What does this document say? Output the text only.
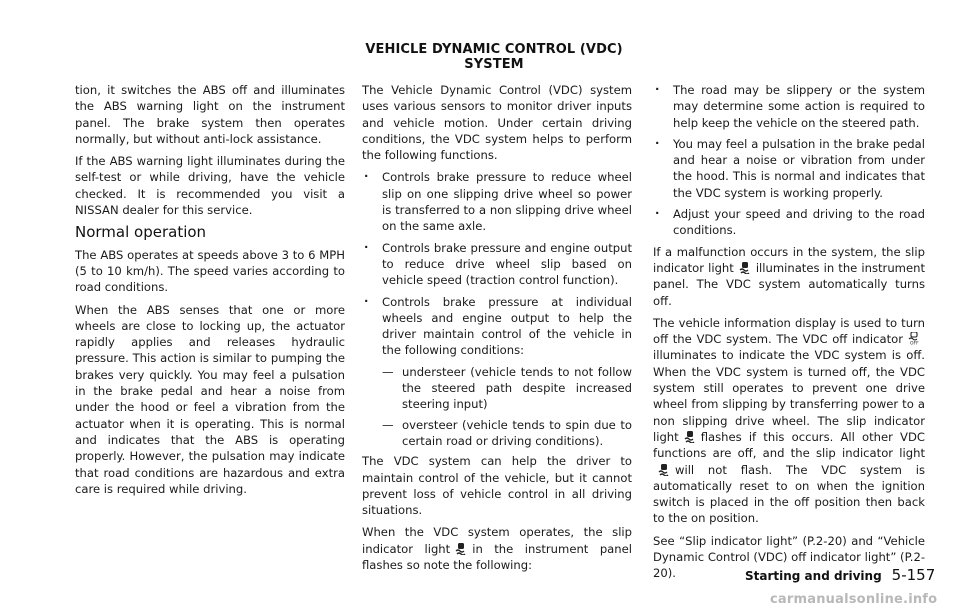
VEHICLE DYNAMIC CONTROL (VDC) SYSTEM

tion, it switches the ABS off and illuminates the ABS warning light on the instrument panel. The brake system then operates normally, but without anti-lock assistance.

If the ABS warning light illuminates during the self-test or while driving, have the vehicle checked. It is recommended you visit a NISSAN dealer for this service.

Normal operation

The ABS operates at speeds above 3 to 6 MPH (5 to 10 km/h). The speed varies according to road conditions.

When the ABS senses that one or more wheels are close to locking up, the actuator rapidly applies and releases hydraulic pressure. This action is similar to pumping the brakes very quickly. You may feel a pulsation in the brake pedal and hear a noise from under the hood or feel a vibration from the actuator when it is operating. This is normal and indicates that the ABS is operating properly. However, the pulsation may indicate that road conditions are hazardous and extra care is required while driving.

The Vehicle Dynamic Control (VDC) system uses various sensors to monitor driver inputs and vehicle motion. Under certain driving conditions, the VDC system helps to perform the following functions.

. Controls brake pressure to reduce wheel slip on one slipping drive wheel so power is transferred to a non slipping drive wheel on the same axle.
. Controls brake pressure and engine output to reduce drive wheel slip based on vehicle speed (traction control function).
. Controls brake pressure at individual wheels and engine output to help the driver maintain control of the vehicle in the following conditions:
— understeer (vehicle tends to not follow the steered path despite increased steering input)
— oversteer (vehicle tends to spin due to certain road or driving conditions).

The VDC system can help the driver to maintain control of the vehicle, but it cannot prevent loss of vehicle control in all driving situations.

When the VDC system operates, the slip indicator light in the instrument panel flashes so note the following:

. The road may be slippery or the system may determine some action is required to help keep the vehicle on the steered path.
. You may feel a pulsation in the brake pedal and hear a noise or vibration from under the hood. This is normal and indicates that the VDC system is working properly.
. Adjust your speed and driving to the road conditions.

If a malfunction occurs in the system, the slip indicator light illuminates in the instrument panel. The VDC system automatically turns off.

The vehicle information display is used to turn off the VDC system. The VDC off indicator OFF
illuminates to indicate the VDC system is off. When the VDC system is turned off, the VDC system still operates to prevent one drive wheel from slipping by transferring power to a non slipping drive wheel. The slip indicator light flashes if this occurs. All other VDC functions are off, and the slip indicator lightwill not flash. The VDC system is automatically reset to on when the ignition switch is placed in the off position then back to the on position.

See “Slip indicator light” (P.2-20) and “Vehicle Dynamic Control (VDC) off indicator light” (P.2-20).	Starting and driving 5-157
carmanualsonline.info
